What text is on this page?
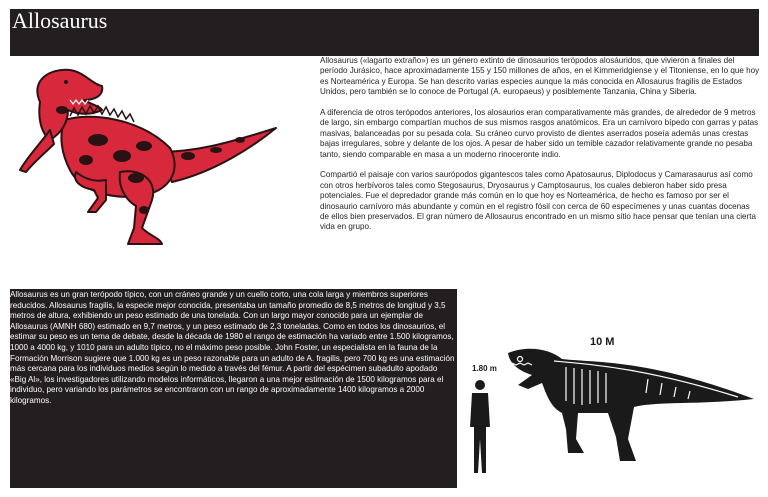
Allosaurus

Allosaurus («lagarto extraño») es un género extinto de dinosaurios terópodos alosáuridos, que vivieron a finales del período Jurásico, hace aproximadamente 155 y 150 millones de años, en el Kimmeridgiense y el Titoniense, en lo que hoy es Norteamérica y Europa. Se han descrito varias especies aunque la más conocida en Allosaurus fragilis de Estados Unidos, pero también se lo conoce de Portugal (A. europaeus) y posiblemente Tanzania, China y Siberia.

A diferencia de otros terópodos anteriores, los alosaurios eran comparativamente más grandes, de alrededor de 9 metros de largo, sin embargo compartían muchos de sus mismos rasgos anatómicos. Era un carnívoro bípedo con garras y patas masivas, balanceadas por su pesada cola. Su cráneo curvo provisto de dientes aserrados poseía además unas crestas bajas irregulares, sobre y delante de los ojos. A pesar de haber sido un temible cazador relativamente grande no pesaba tanto, siendo comparable en masa a un moderno rinoceronte indio.

Compartió el paisaje con varios saurópodos gigantescos tales como Apatosaurus, Diplodocus y Camarasaurus así como con otros herbívoros tales como Stegosaurus, Dryosaurus y Camptosaurus, los cuales debieron haber sido presa potenciales. Fue el depredador grande más común en lo que hoy es Norteamérica, de hecho es famoso por ser el dinosaurio carnívoro más abundante y común en el registro fósil con cerca de 60 especímenes y unas cuantas docenas de ellos bien preservados. El gran número de Allosaurus encontrado en un mismo sitio hace pensar que tenían una cierta vida en grupo.

Allosaurus es un gran terópodo típico, con un cráneo grande y un cuello corto, una cola larga y miembros superiores reducidos. Allosaurus fragilis, la especie mejor conocida, presentaba un tamaño promedio de 8,5 metros de longitud y 3,5 metros de altura, exhibiendo un peso estimado de una tonelada. Con un largo mayor conocido para un ejemplar de Allosaurus (AMNH 680) estimado en 9,7 metros, y un peso estimado de 2,3 toneladas. Como en todos los dinosaurios, el estimar su peso es un tema de debate, desde la década de 1980 el rango de estimación ha variado entre 1.500 kilogramos, 1000 a 4000 kg, y 1010 para un adulto típico, no el máximo peso posible. John Foster, un especialista en la fauna de la Formación Morrison sugiere que 1.000 kg es un peso razonable para un adulto de A. fragilis, pero 700 kg es una estimación más cercana para los individuos medios según lo medido a través del fémur. A partir del espécimen subadulto apodado «Big Al», los investigadores utilizando modelos informáticos, llegaron a una mejor estimación de 1500 kilogramos para el individuo, pero variando los parámetros se encontraron con un rango de aproximadamente 1400 kilogramos a 2000 kilogramos.

1.80 m
10 M
